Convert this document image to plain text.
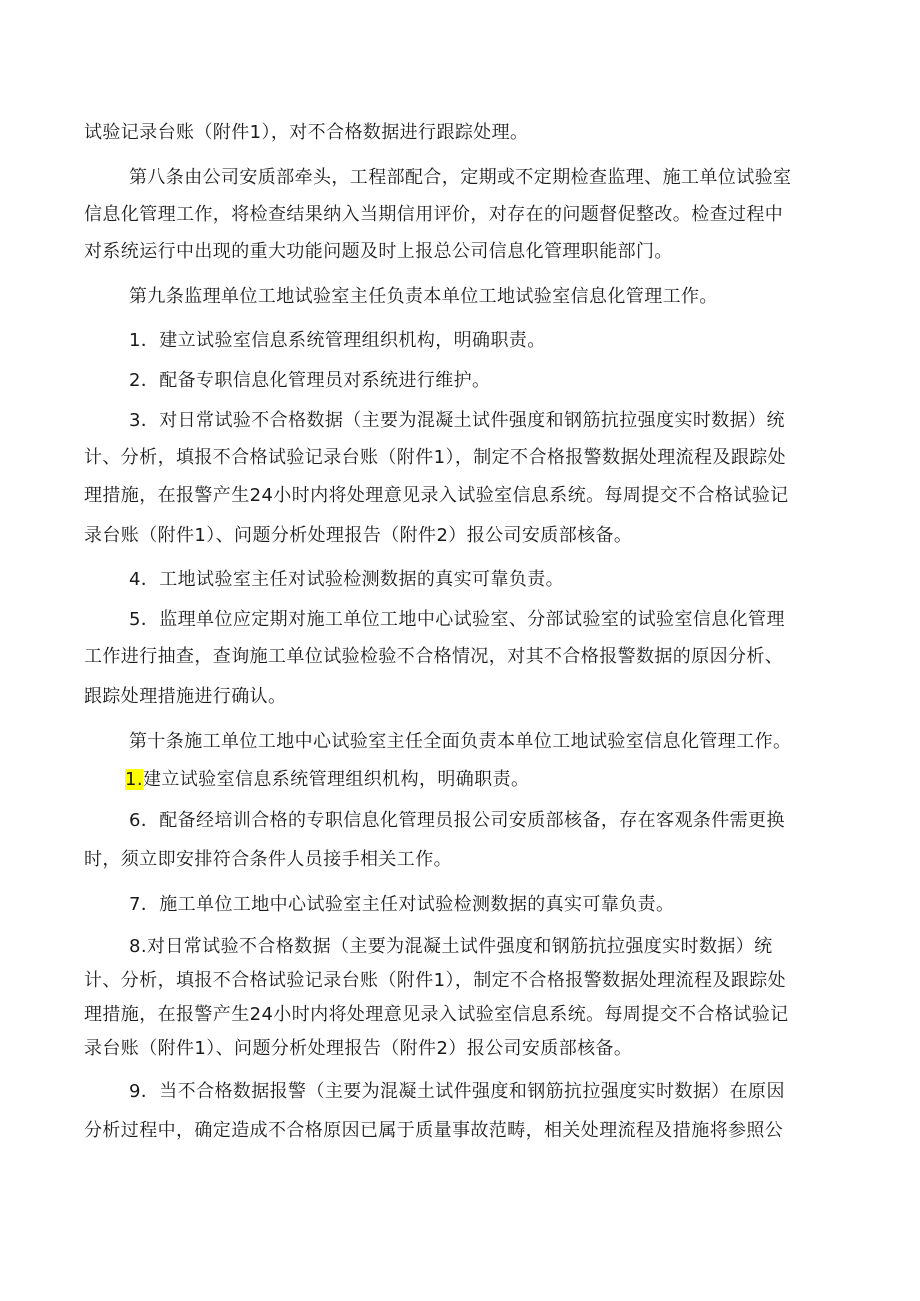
试验记录台账（附件1），对不合格数据进行跟踪处理。
第八条由公司安质部牵头，工程部配合，定期或不定期检查监理、施工单位试验室
信息化管理工作，将检查结果纳入当期信用评价，对存在的问题督促整改。检查过程中
对系统运行中出现的重大功能问题及时上报总公司信息化管理职能部门。
第九条监理单位工地试验室主任负责本单位工地试验室信息化管理工作。
1．建立试验室信息系统管理组织机构，明确职责。
2．配备专职信息化管理员对系统进行维护。
3．对日常试验不合格数据（主要为混凝土试件强度和钢筋抗拉强度实时数据）统
计、分析，填报不合格试验记录台账（附件1），制定不合格报警数据处理流程及跟踪处
理措施，在报警产生24小时内将处理意见录入试验室信息系统。每周提交不合格试验记
录台账（附件1）、问题分析处理报告（附件2）报公司安质部核备。
4．工地试验室主任对试验检测数据的真实可靠负责。
5．监理单位应定期对施工单位工地中心试验室、分部试验室的试验室信息化管理
工作进行抽查，查询施工单位试验检验不合格情况，对其不合格报警数据的原因分析、
跟踪处理措施进行确认。
第十条施工单位工地中心试验室主任全面负责本单位工地试验室信息化管理工作。
1.建立试验室信息系统管理组织机构，明确职责。
6．配备经培训合格的专职信息化管理员报公司安质部核备，存在客观条件需更换
时，须立即安排符合条件人员接手相关工作。
7．施工单位工地中心试验室主任对试验检测数据的真实可靠负责。
8.对日常试验不合格数据（主要为混凝土试件强度和钢筋抗拉强度实时数据）统
计、分析，填报不合格试验记录台账（附件1），制定不合格报警数据处理流程及跟踪处
理措施，在报警产生24小时内将处理意见录入试验室信息系统。每周提交不合格试验记
录台账（附件1）、问题分析处理报告（附件2）报公司安质部核备。
9．当不合格数据报警（主要为混凝土试件强度和钢筋抗拉强度实时数据）在原因
分析过程中，确定造成不合格原因已属于质量事故范畴，相关处理流程及措施将参照公
